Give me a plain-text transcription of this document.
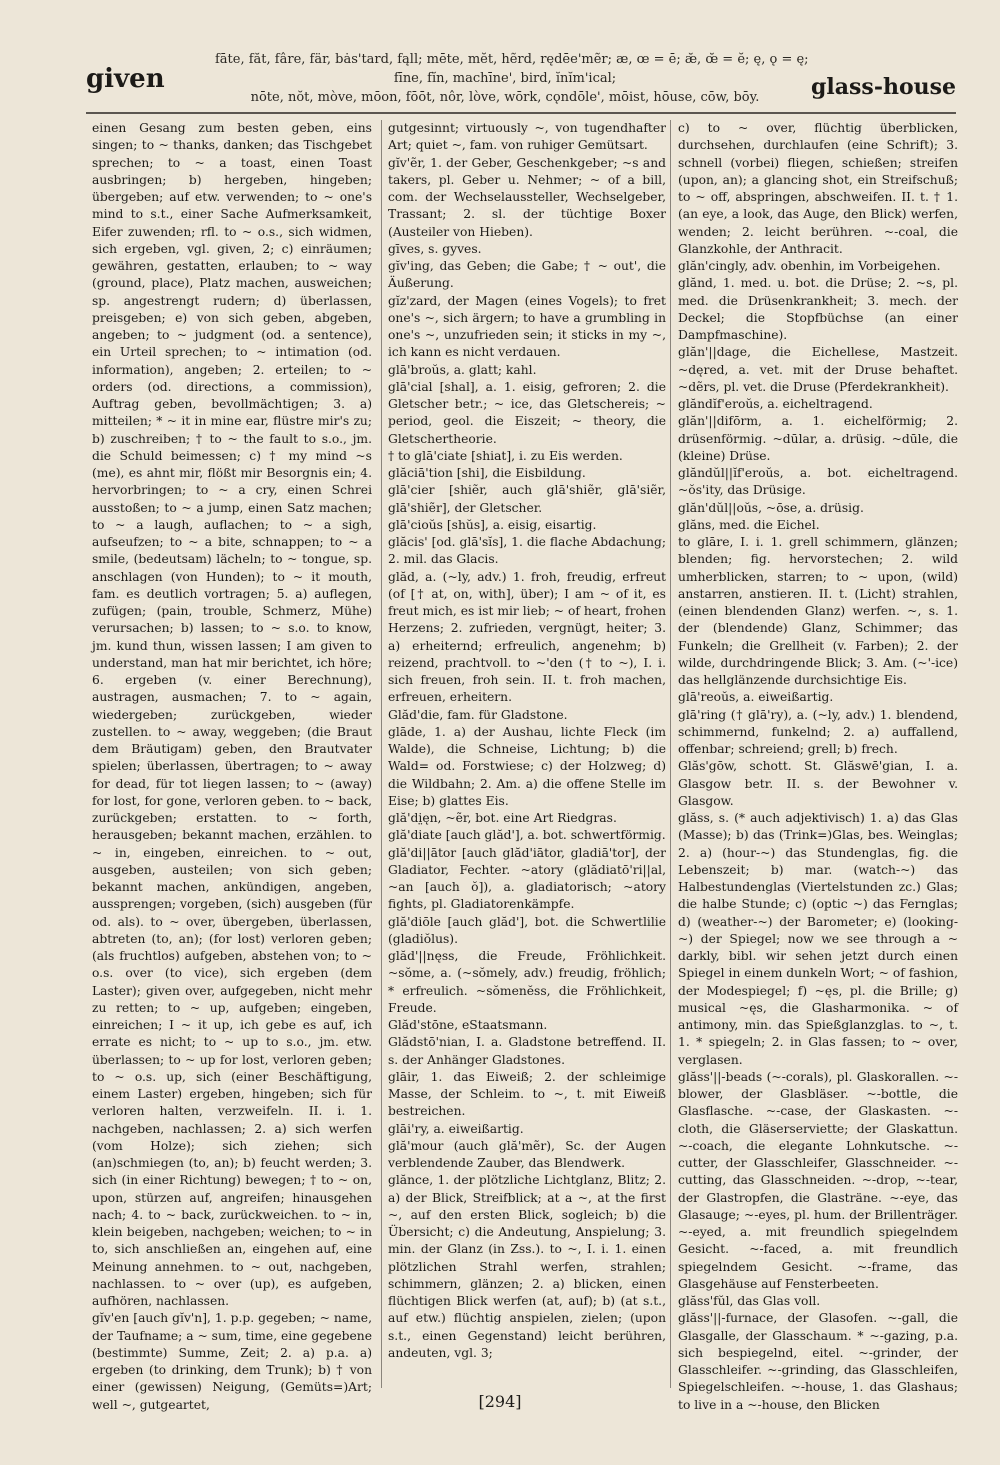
given
fāte, făt, fâre, fär, bȧs'tard, fąll; mēte, mĕt, hẽrd, rędēe'mẽr; æ, œ = ē; æ̆, œ̆ = ĕ; ę, ǫ = ę;
fīne, fĭn, machīne', bird, ĭnĭm'ical;
nōte, nŏt, mòve, mōon, fōōt, nôr, lòve, wōrk, cǫndōle', mōist, hōuse, cōw, bōy.	glass-house

einen Gesang zum besten geben, eins singen; to ~ thanks, danken; das Tischgebet sprechen; to ~ a toast, einen Toast ausbringen; b) hergeben, hingeben; übergeben; auf etw. verwenden; to ~ one's mind to s.t., einer Sache Aufmerksamkeit, Eifer zuwenden; rfl. to ~ o.s., sich widmen, sich ergeben, vgl. given, 2; c) einräumen; gewähren, gestatten, erlauben; to ~ way (ground, place), Platz machen, ausweichen; sp. angestrengt rudern; d) überlassen, preisgeben; e) von sich geben, abgeben, angeben; to ~ judgment (od. a sentence), ein Urteil sprechen; to ~ intimation (od. information), angeben; 2. erteilen; to ~ orders (od. directions, a commission), Auftrag geben, bevollmächtigen; 3. a) mitteilen; * ~ it in mine ear, flüstre mir's zu; b) zuschreiben; † to ~ the fault to s.o., jm. die Schuld beimessen; c) † my mind ~s (me), es ahnt mir, flößt mir Besorgnis ein; 4. hervorbringen; to ~ a cry, einen Schrei ausstoßen; to ~ a jump, einen Satz machen; to ~ a laugh, auflachen; to ~ a sigh, aufseufzen; to ~ a bite, schnappen; to ~ a smile, (bedeutsam) lächeln; to ~ tongue, sp. anschlagen (von Hunden); to ~ it mouth, fam. es deutlich vortragen; 5. a) auflegen, zufügen; (pain, trouble, Schmerz, Mühe) verursachen; b) lassen; to ~ s.o. to know, jm. kund thun, wissen lassen; I am given to understand, man hat mir berichtet, ich höre; 6. ergeben (v. einer Berechnung), austragen, ausmachen; 7. to ~ again, wiedergeben; zurückgeben, wieder zustellen. to ~ away, weggeben; (die Braut dem Bräutigam) geben, den Brautvater spielen; überlassen, übertragen; to ~ away for dead, für tot liegen lassen; to ~ (away) for lost, for gone, verloren geben. to ~ back, zurückgeben; erstatten. to ~ forth, herausgeben; bekannt machen, erzählen. to ~ in, eingeben, einreichen. to ~ out, ausgeben, austeilen; von sich geben; bekannt machen, ankündigen, angeben, aussprengen; vorgeben, (sich) ausgeben (für od. als). to ~ over, übergeben, überlassen, abtreten (to, an); (for lost) verloren geben; (als fruchtlos) aufgeben, abstehen von; to ~ o.s. over (to vice), sich ergeben (dem Laster); given over, aufgegeben, nicht mehr zu retten; to ~ up, aufgeben; eingeben, einreichen; I ~ it up, ich gebe es auf, ich errate es nicht; to ~ up to s.o., jm. etw. überlassen; to ~ up for lost, verloren geben; to ~ o.s. up, sich (einer Beschäftigung, einem Laster) ergeben, hingeben; sich für verloren halten, verzweifeln. II. i. 1. nachgeben, nachlassen; 2. a) sich werfen (vom Holze); sich ziehen; sich (an)schmiegen (to, an); b) feucht werden; 3. sich (in einer Richtung) bewegen; † to ~ on, upon, stürzen auf, angreifen; hinausgehen nach; 4. to ~ back, zurückweichen. to ~ in, klein beigeben, nachgeben; weichen; to ~ in to, sich anschließen an, eingehen auf, eine Meinung annehmen. to ~ out, nachgeben, nachlassen. to ~ over (up), es aufgeben, aufhören, nachlassen.

gĭv'en [auch gĭv'n], 1. p.p. gegeben; ~ name, der Taufname; a ~ sum, time, eine gegebene (bestimmte) Summe, Zeit; 2. a) p.a. a) ergeben (to drinking, dem Trunk); b) † von einer (gewissen) Neigung, (Gemüts=)Art; well ~, gutgeartet,

gutgesinnt; virtuously ~, von tugendhafter Art; quiet ~, fam. von ruhiger Gemütsart.

gĭv'ẽr, 1. der Geber, Geschenkgeber; ~s and takers, pl. Geber u. Nehmer; ~ of a bill, com. der Wechselaussteller, Wechselgeber, Trassant; 2. sl. der tüchtige Boxer (Austeiler von Hieben).

gīves, s. gyves.

gĭv'ing, das Geben; die Gabe; † ~ out', die Äußerung.

gĭz'zard, der Magen (eines Vogels); to fret one's ~, sich ärgern; to have a grumbling in one's ~, unzufrieden sein; it sticks in my ~, ich kann es nicht verdauen.

glā'broŭs, a. glatt; kahl.

glā'cial [shal], a. 1. eisig, gefroren; 2. die Gletscher betr.; ~ ice, das Gletschereis; ~ period, geol. die Eiszeit; ~ theory, die Gletschertheorie.

† to glā'ciate [shiat], i. zu Eis werden.

glăciā'tion [shi], die Eisbildung.

glā'cier [shiẽr, auch glā'shiẽr, glā'siẽr, glā'shiẽr], der Gletscher.

glā'cioŭs [shŭs], a. eisig, eisartig.

glăcis' [od. glā'sĭs], 1. die flache Abdachung; 2. mil. das Glacis.

glăd, a. (~ly, adv.) 1. froh, freudig, erfreut (of [† at, on, with], über); I am ~ of it, es freut mich, es ist mir lieb; ~ of heart, frohen Herzens; 2. zufrieden, vergnügt, heiter; 3. a) erheiternd; erfreulich, angenehm; b) reizend, prachtvoll. to ~'den († to ~), I. i. sich freuen, froh sein. II. t. froh machen, erfreuen, erheitern.

Glăd'die, fam. für Gladstone.

glāde, 1. a) der Aushau, lichte Fleck (im Walde), die Schneise, Lichtung; b) die Wald= od. Forstwiese; c) der Holzweg; d) die Wildbahn; 2. Am. a) die offene Stelle im Eise; b) glattes Eis.

glă'di̤ęn, ~ẽr, bot. eine Art Riedgras.

glă'diate [auch glăd'], a. bot. schwertförmig.

glă'di||ātor [auch glăd'iātor, gladiā'tor], der Gladiator, Fechter. ~atory (glădiatō'ri||al, ~an [auch ŏ]), a. gladiatorisch; ~atory fights, pl. Gladiatorenkämpfe.

glă'diōle [auch glăd'], bot. die Schwertlilie (gladiŏlus).

glăd'||nęss, die Freude, Fröhlichkeit. ~sŏme, a. (~sŏmely, adv.) freudig, fröhlich; * erfreulich. ~sŏmenĕss, die Fröhlichkeit, Freude.

Glăd'stōne, eStaatsmann.

Glădstō'nian, I. a. Gladstone betreffend. II. s. der Anhänger Gladstones.

glāir, 1. das Eiweiß; 2. der schleimige Masse, der Schleim. to ~, t. mit Eiweiß bestreichen.

glāi'ry, a. eiweißartig.

glă'mour (auch glă'mẽr), Sc. der Augen verblendende Zauber, das Blendwerk.

glănce, 1. der plötzliche Lichtglanz, Blitz; 2. a) der Blick, Streifblick; at a ~, at the first ~, auf den ersten Blick, sogleich; b) die Übersicht; c) die Andeutung, Anspielung; 3. min. der Glanz (in Zss.). to ~, I. i. 1. einen plötzlichen Strahl werfen, strahlen; schimmern, glänzen; 2. a) blicken, einen flüchtigen Blick werfen (at, auf); b) (at s.t., auf etw.) flüchtig anspielen, zielen; (upon s.t., einen Gegenstand) leicht berühren, andeuten, vgl. 3;

c) to ~ over, flüchtig überblicken, durchsehen, durchlaufen (eine Schrift); 3. schnell (vorbei) fliegen, schießen; streifen (upon, an); a glancing shot, ein Streifschuß; to ~ off, abspringen, abschweifen. II. t. † 1. (an eye, a look, das Auge, den Blick) werfen, wenden; 2. leicht berühren. ~-coal, die Glanzkohle, der Anthracit.

glăn'cingly, adv. obenhin, im Vorbeigehen.

glănd, 1. med. u. bot. die Drüse; 2. ~s, pl. med. die Drüsenkrankheit; 3. mech. der Deckel; die Stopfbüchse (an einer Dampfmaschine).

glăn'||dage, die Eichellese, Mastzeit. ~dęred, a. vet. mit der Druse behaftet. ~dẽrs, pl. vet. die Druse (Pferdekrankheit).

glăndĭf'eroŭs, a. eicheltragend.

glăn'||difōrm, a. 1. eichelförmig; 2. drüsenförmig. ~dūlar, a. drüsig. ~dūle, die (kleine) Drüse.

glăndŭl||ĭf'eroŭs, a. bot. eicheltragend. ~ŏs'ity, das Drüsige.

glăn'dŭl||oŭs, ~ōse, a. drüsig.

glăns, med. die Eichel.

to glāre, I. i. 1. grell schimmern, glänzen; blenden; fig. hervorstechen; 2. wild umherblicken, starren; to ~ upon, (wild) anstarren, anstieren. II. t. (Licht) strahlen, (einen blendenden Glanz) werfen. ~, s. 1. der (blendende) Glanz, Schimmer; das Funkeln; die Grellheit (v. Farben); 2. der wilde, durchdringende Blick; 3. Am. (~'-ice) das hellglänzende durchsichtige Eis.

glā'reoŭs, a. eiweißartig.

glā'ring († glā'ry), a. (~ly, adv.) 1. blendend, schimmernd, funkelnd; 2. a) auffallend, offenbar; schreiend; grell; b) frech.

Glăs'gōw, schott. St. Glăswē'gian, I. a. Glasgow betr. II. s. der Bewohner v. Glasgow.

glăss, s. (* auch adjektivisch) 1. a) das Glas (Masse); b) das (Trink=)Glas, bes. Weinglas; 2. a) (hour-~) das Stundenglas, fig. die Lebenszeit; b) mar. (watch-~) das Halbestundenglas (Viertelstunden zc.) Glas; die halbe Stunde; c) (optic ~) das Fernglas; d) (weather-~) der Barometer; e) (looking-~) der Spiegel; now we see through a ~ darkly, bibl. wir sehen jetzt durch einen Spiegel in einem dunkeln Wort; ~ of fashion, der Modespiegel; f) ~ęs, pl. die Brille; g) musical ~ęs, die Glasharmonika. ~ of antimony, min. das Spießglanzglas. to ~, t. 1. * spiegeln; 2. in Glas fassen; to ~ over, verglasen.

glăss'||-beads (~-corals), pl. Glaskorallen. ~-blower, der Glasbläser. ~-bottle, die Glasflasche. ~-case, der Glaskasten. ~-cloth, die Gläserserviette; der Glaskattun. ~-coach, die elegante Lohnkutsche. ~-cutter, der Glasschleifer, Glasschneider. ~-cutting, das Glasschneiden. ~-drop, ~-tear, der Glastropfen, die Glasträne. ~-eye, das Glasauge; ~-eyes, pl. hum. der Brillenträger. ~-eyed, a. mit freundlich spiegelndem Gesicht. ~-faced, a. mit freundlich spiegelndem Gesicht. ~-frame, das Glasgehäuse auf Fensterbeeten.

glăss'fŭl, das Glas voll.

glăss'||-furnace, der Glasofen. ~-gall, die Glasgalle, der Glasschaum. * ~-gazing, p.a. sich bespiegelnd, eitel. ~-grinder, der Glasschleifer. ~-grinding, das Glasschleifen, Spiegelschleifen. ~-house, 1. das Glashaus; to live in a ~-house, den Blicken

[294]
